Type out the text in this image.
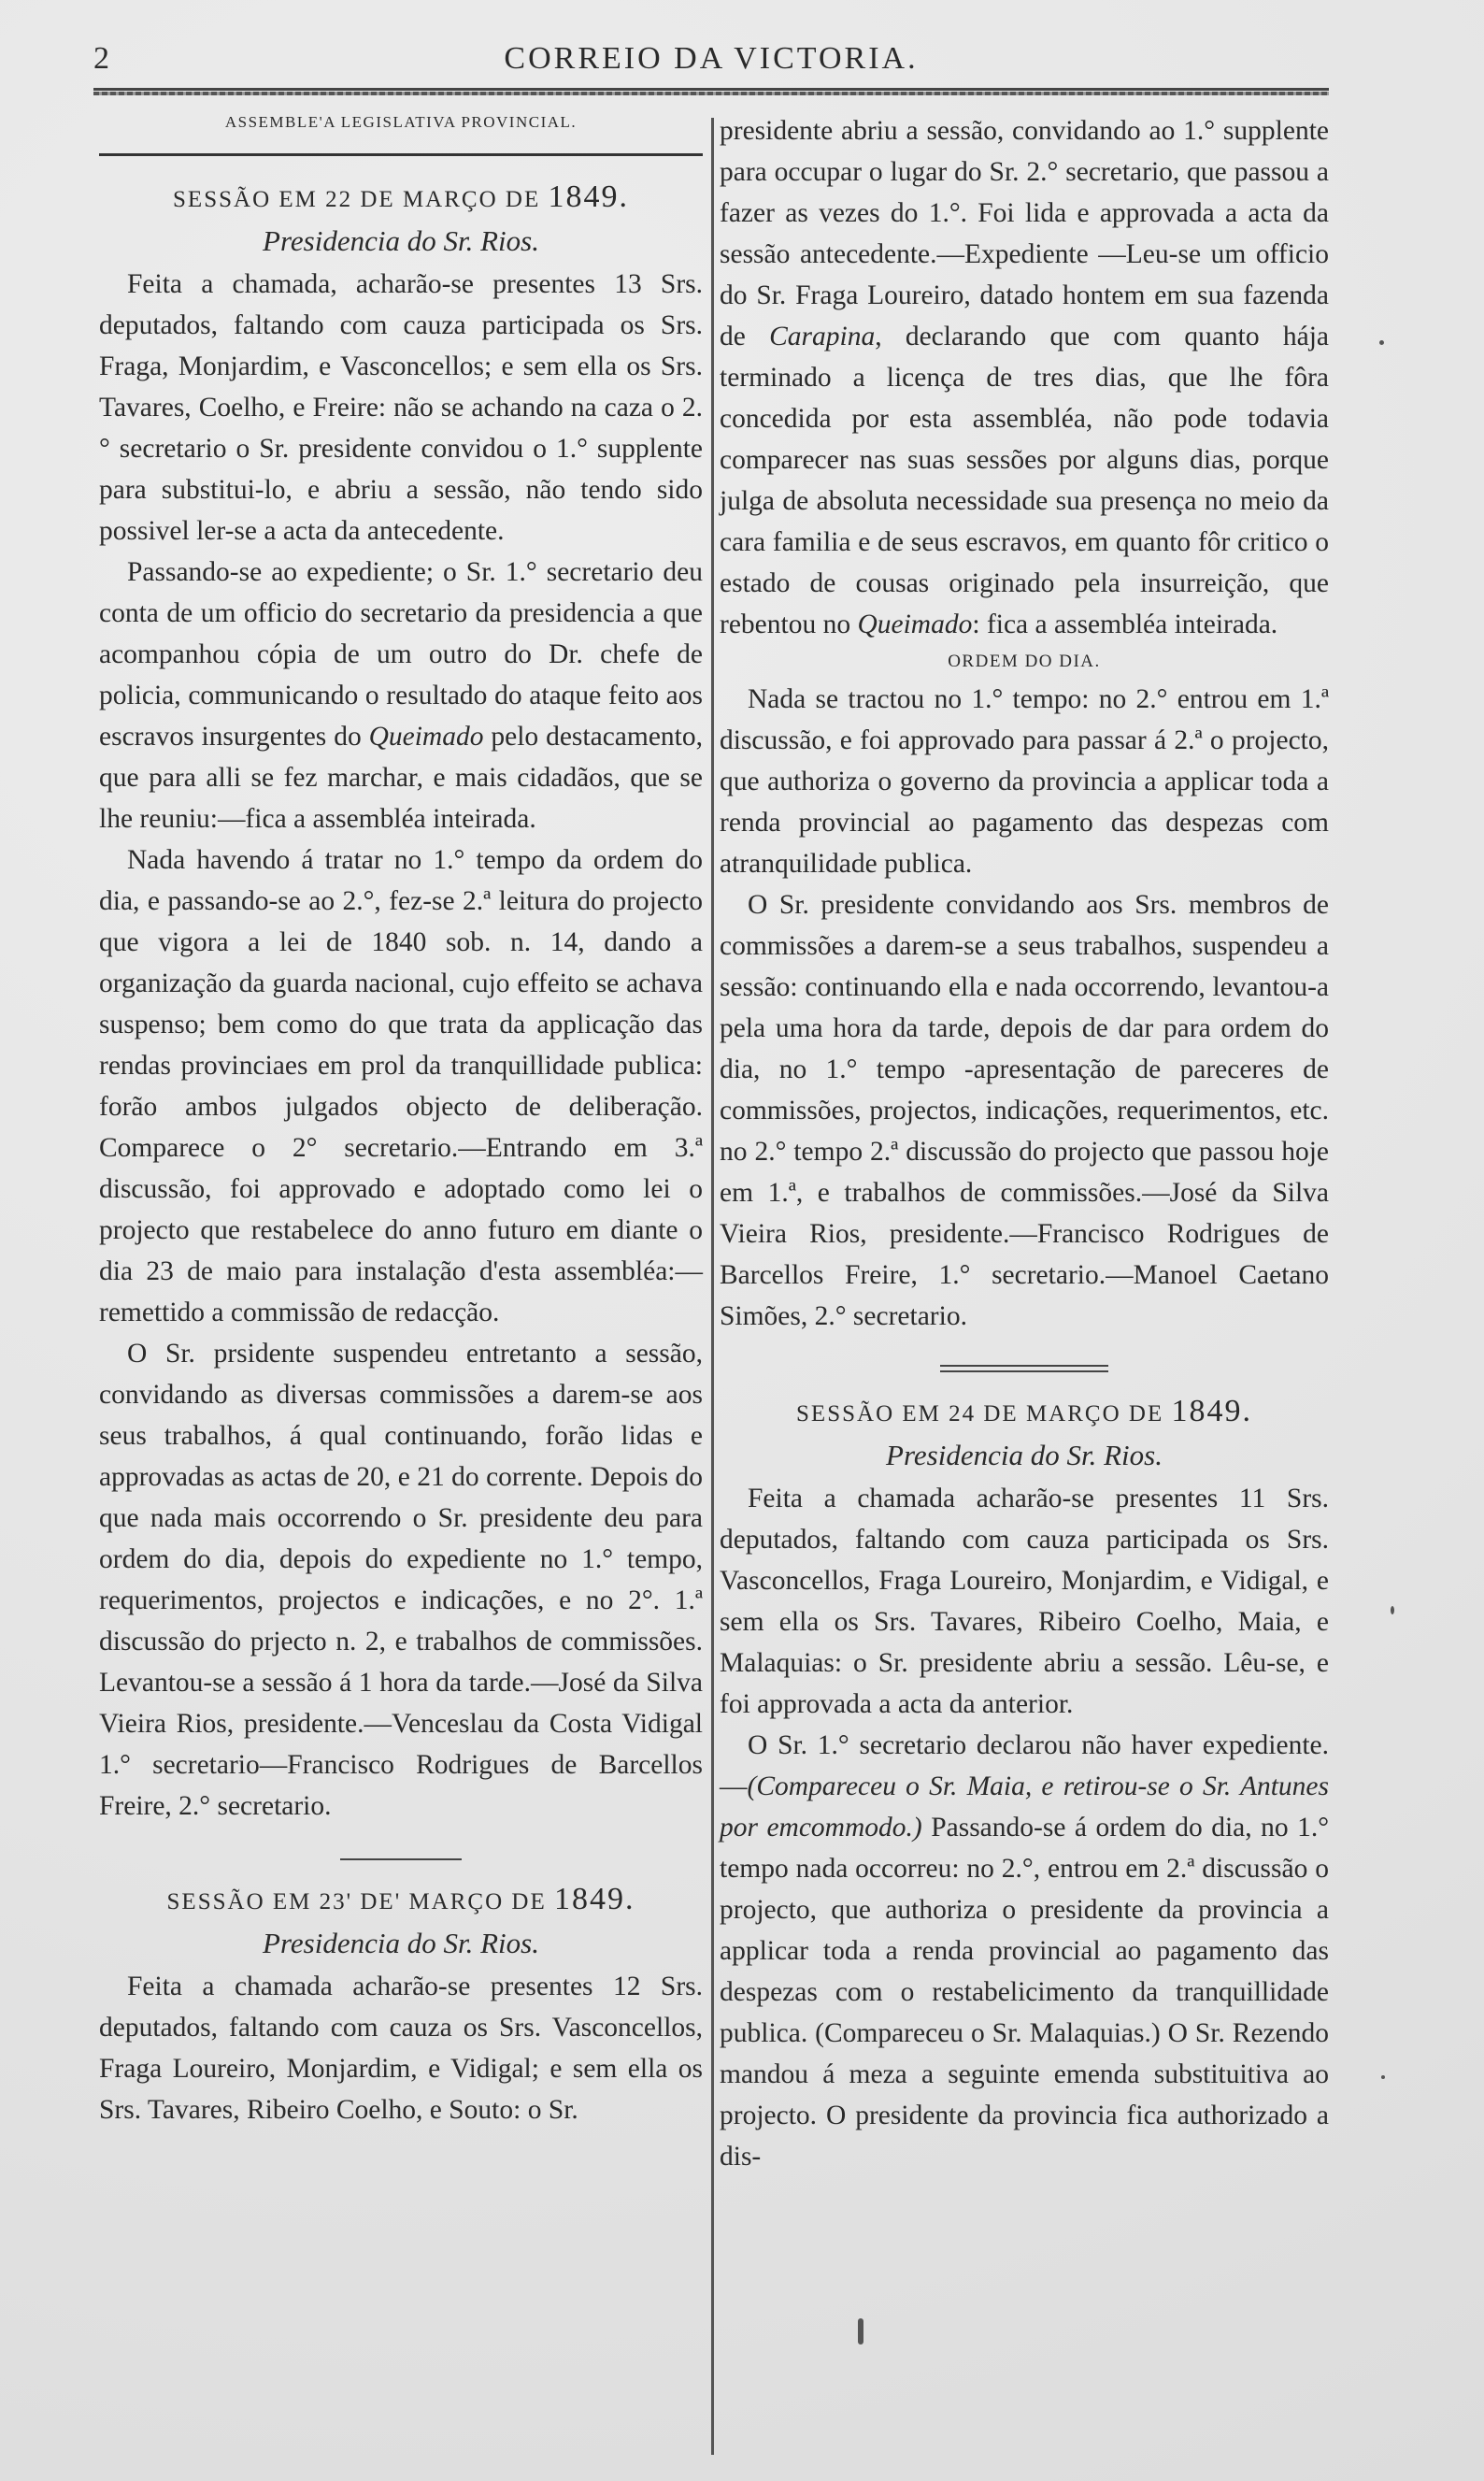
2	CORREIO DA VICTORIA.

ASSEMBLE'A LEGISLATIVA PROVINCIAL.

SESSÃO EM 22 DE MARÇO DE 1849.

Presidencia do Sr. Rios.

Feita a chamada, acharão-se presentes 13 Srs. deputados, faltando com cauza participada os Srs. Fraga, Monjardim, e Vasconcellos; e sem ella os Srs. Tavares, Coelho, e Freire: não se achando na caza o 2.° secretario o Sr. presidente convidou o 1.° supplente para substitui-lo, e abriu a sessão, não tendo sido possivel ler-se a acta da antecedente.

Passando-se ao expediente; o Sr. 1.° secretario deu conta de um officio do secretario da presidencia a que acompanhou cópia de um outro do Dr. chefe de policia, communicando o resultado do ataque feito aos escravos insurgentes do Queimado pelo destacamento, que para alli se fez marchar, e mais cidadãos, que se lhe reuniu:—fica a assembléa inteirada.

Nada havendo á tratar no 1.° tempo da ordem do dia, e passando-se ao 2.°, fez-se 2.ª leitura do projecto que vigora a lei de 1840 sob. n. 14, dando a organização da guarda nacional, cujo effeito se achava suspenso; bem como do que trata da applicação das rendas provinciaes em prol da tranquillidade publica: forão ambos julgados objecto de deliberação. Comparece o 2° secretario.—Entrando em 3.ª discussão, foi approvado e adoptado como lei o projecto que restabelece do anno futuro em diante o dia 23 de maio para instalação d'esta assembléa:—remettido a commissão de redacção.

O Sr. prsidente suspendeu entretanto a sessão, convidando as diversas commissões a darem-se aos seus trabalhos, á qual continuando, forão lidas e approvadas as actas de 20, e 21 do corrente. Depois do que nada mais occorrendo o Sr. presidente deu para ordem do dia, depois do expediente no 1.° tempo, requerimentos, projectos e indicações, e no 2°. 1.ª discussão do prjecto n. 2, e trabalhos de commissões. Levantou-se a sessão á 1 hora da tarde.—José da Silva Vieira Rios, presidente.—Venceslau da Costa Vidigal 1.° secretario—Francisco Rodrigues de Barcellos Freire, 2.° secretario.

SESSÃO EM 23' DE' MARÇO DE 1849.

Presidencia do Sr. Rios.

Feita a chamada acharão-se presentes 12 Srs. deputados, faltando com cauza os Srs. Vasconcellos, Fraga Loureiro, Monjardim, e Vidigal; e sem ella os Srs. Tavares, Ribeiro Coelho, e Souto: o Sr.

presidente abriu a sessão, convidando ao 1.° supplente para occupar o lugar do Sr. 2.° secretario, que passou a fazer as vezes do 1.°. Foi lida e approvada a acta da sessão antecedente.—Expediente —Leu-se um officio do Sr. Fraga Loureiro, datado hontem em sua fazenda de Carapina, declarando que com quanto hája terminado a licença de tres dias, que lhe fôra concedida por esta assembléa, não pode todavia comparecer nas suas sessões por alguns dias, porque julga de absoluta necessidade sua presença no meio da cara familia e de seus escravos, em quanto fôr critico o estado de cousas originado pela insurreição, que rebentou no Queimado: fica a assembléa inteirada.

ORDEM DO DIA.

Nada se tractou no 1.° tempo: no 2.° entrou em 1.ª discussão, e foi approvado para passar á 2.ª o projecto, que authoriza o governo da provincia a applicar toda a renda provincial ao pagamento das despezas com atranquilidade publica.

O Sr. presidente convidando aos Srs. membros de commissões a darem-se a seus trabalhos, suspendeu a sessão: continuando ella e nada occorrendo, levantou-a pela uma hora da tarde, depois de dar para ordem do dia, no 1.° tempo -apresentação de pareceres de commissões, projectos, indicações, requerimentos, etc. no 2.° tempo 2.ª discussão do projecto que passou hoje em 1.ª, e trabalhos de commissões.—José da Silva Vieira Rios, presidente.—Francisco Rodrigues de Barcellos Freire, 1.° secretario.—Manoel Caetano Simões, 2.° secretario.

SESSÃO EM 24 DE MARÇO DE 1849.

Presidencia do Sr. Rios.

Feita a chamada acharão-se presentes 11 Srs. deputados, faltando com cauza participada os Srs. Vasconcellos, Fraga Loureiro, Monjardim, e Vidigal, e sem ella os Srs. Tavares, Ribeiro Coelho, Maia, e Malaquias: o Sr. presidente abriu a sessão. Lêu-se, e foi approvada a acta da anterior.

O Sr. 1.° secretario declarou não haver expediente.—(Compareceu o Sr. Maia, e retirou-se o Sr. Antunes por emcommodo.) Passando-se á ordem do dia, no 1.° tempo nada occorreu: no 2.°, entrou em 2.ª discussão o projecto, que authoriza o presidente da provincia a applicar toda a renda provincial ao pagamento das despezas com o restabelicimento da tranquillidade publica. (Compareceu o Sr. Malaquias.) O Sr. Rezendo mandou á meza a seguinte emenda substituitiva ao projecto. O presidente da provincia fica authorizado a dis-
